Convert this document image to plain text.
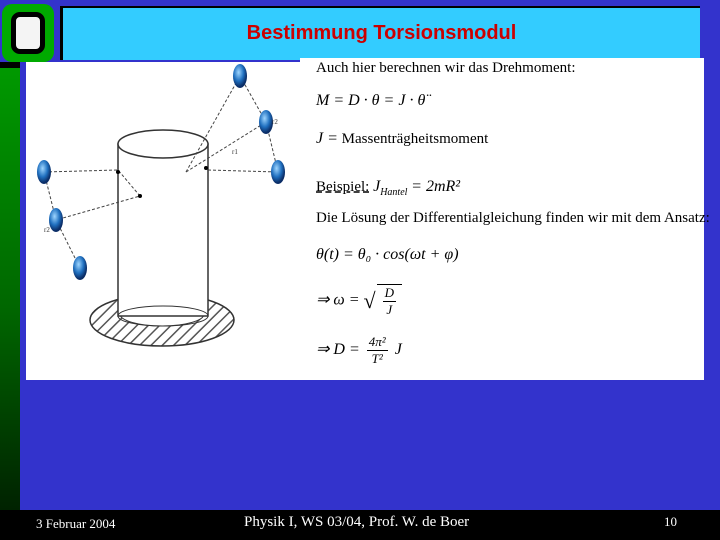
Bestimmung Torsionsmodul
r2
r1
r2
Auch hier berechnen wir das Drehmoment:
M = D · θ = J · θ̈
J = Massenträgheitsmoment
Beispiel: $J_{Hantel} = 2mR^2$
Die Lösung der Differentialgleichung finden wir mit dem Ansatz:
θ(t) = θ₀ · cos(ωt + φ)
⇒ ω = √ $\frac{D}{J}$
⇒ $D = \frac{\text{4π²}}{\text{T²}}$ J
3 Februar 2004	Physik I, WS 03/04, Prof. W. de Boer	10
